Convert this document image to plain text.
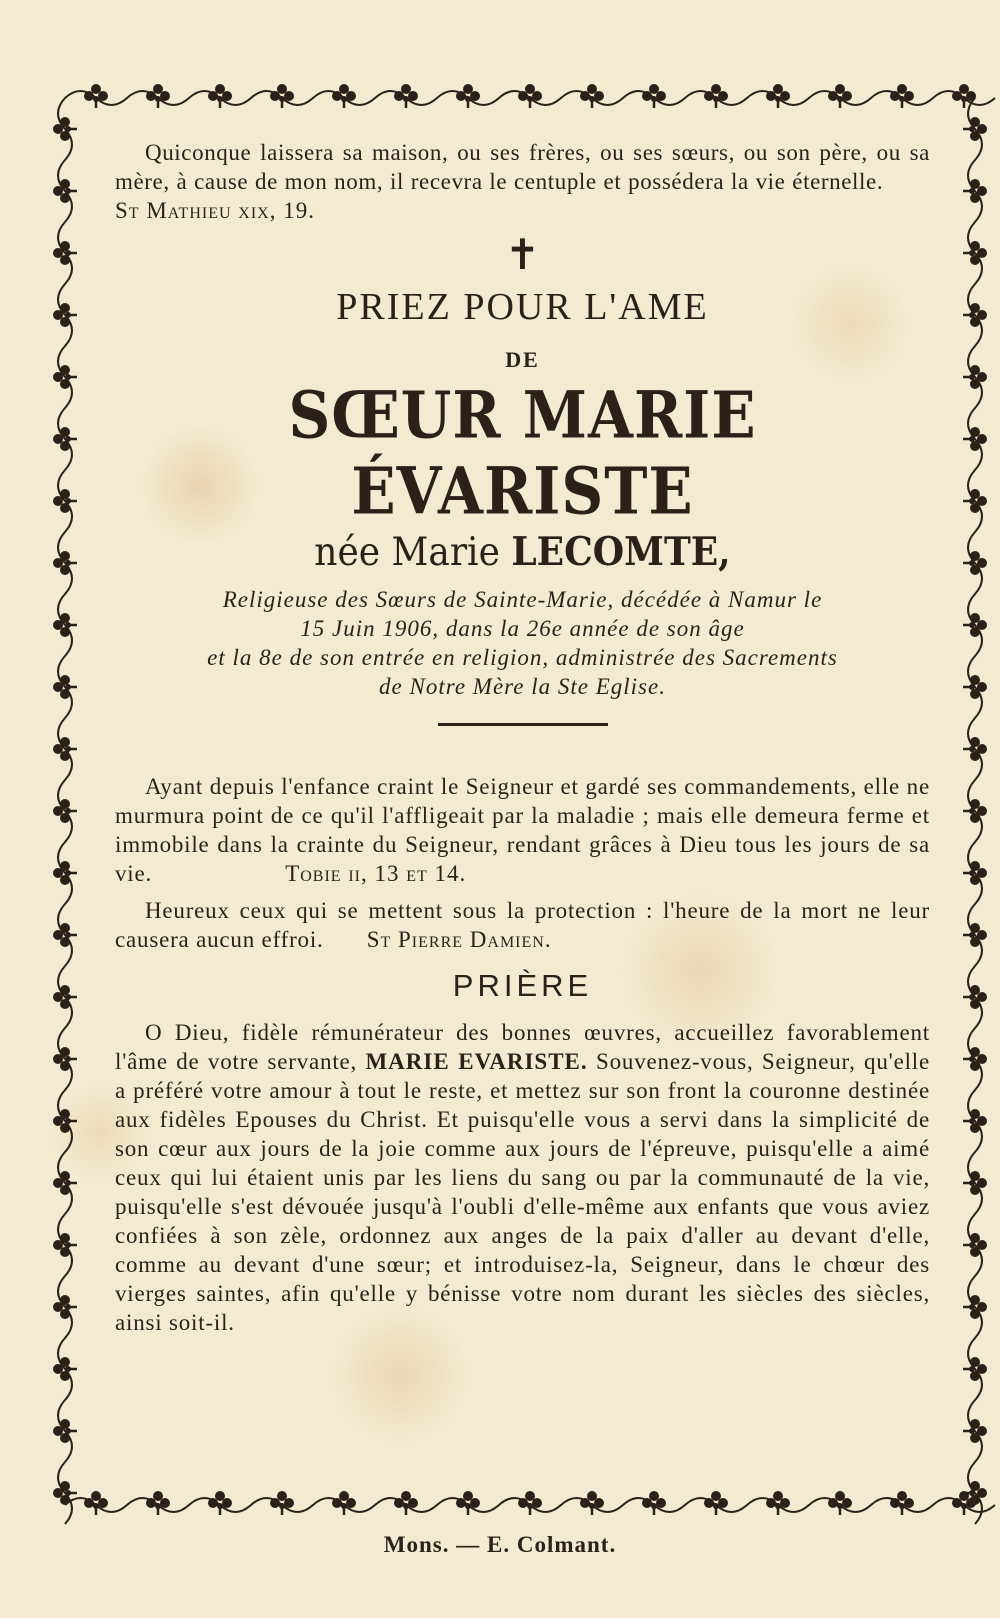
Quiconque laissera sa maison, ou ses frères, ou ses sœurs, ou son père, ou sa mère, à cause de mon nom, il recevra le centuple et possédera la vie éternelle.  St Mathieu xix, 19.
✝
PRIEZ POUR L'AME
DE
SŒUR MARIE ÉVARISTE
née Marie LECOMTE,
Religieuse des Sœurs de Sainte-Marie, décédée à Namur le
15 Juin 1906, dans la 26e année de son âge
et la 8e de son entrée en religion, administrée des Sacrements
de Notre Mère la Ste Eglise.
Ayant depuis l'enfance craint le Seigneur et gardé ses commandements, elle ne murmura point de ce qu'il l'affligeait par la maladie ; mais elle demeura ferme et immobile dans la crainte du Seigneur, rendant grâces à Dieu tous les jours de sa vie.	Tobie ii, 13 et 14.
Heureux ceux qui se mettent sous la protection : l'heure de la mort ne leur causera aucun effroi. St Pierre Damien.
PRIÈRE
O Dieu, fidèle rémunérateur des bonnes œuvres, accueillez favorablement l'âme de votre servante, MARIE EVARISTE. Souvenez-vous, Seigneur, qu'elle a préféré votre amour à tout le reste, et mettez sur son front la couronne destinée aux fidèles Epouses du Christ. Et puisqu'elle vous a servi dans la simplicité de son cœur aux jours de la joie comme aux jours de l'épreuve, puisqu'elle a aimé ceux qui lui étaient unis par les liens du sang ou par la communauté de la vie, puisqu'elle s'est dévouée jusqu'à l'oubli d'elle-même aux enfants que vous aviez confiées à son zèle, ordonnez aux anges de la paix d'aller au devant d'elle, comme au devant d'une sœur; et introduisez-la, Seigneur, dans le chœur des vierges saintes, afin qu'elle y bénisse votre nom durant les siècles des siècles, ainsi soit-il.
Mons. — E. Colmant.
